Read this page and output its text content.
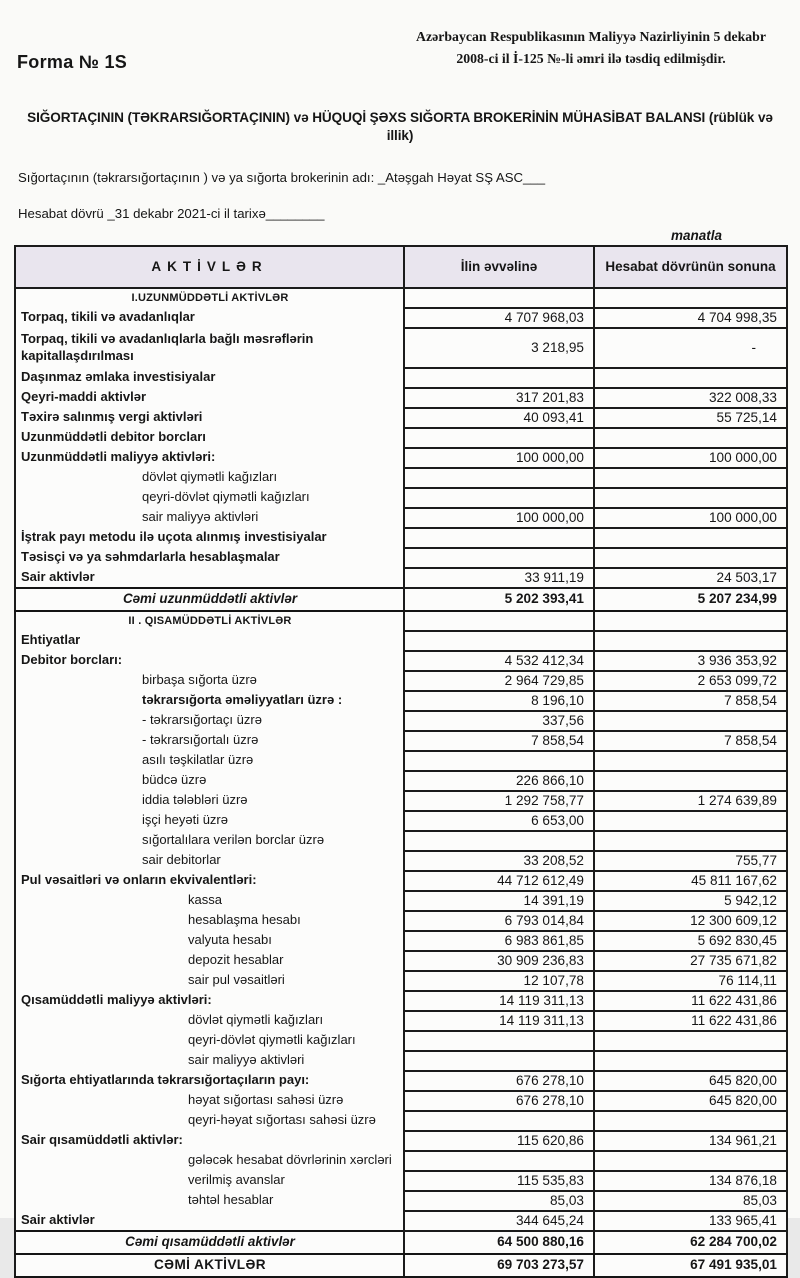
Forma № 1S
Azərbaycan Respublikasının Maliyyə Nazirliyinin 5 dekabr 2008-ci il İ-125 №-li əmri ilə təsdiq edilmişdir.
SIĞORTAÇININ (TƏKRARSIĞORTAÇININ) və HÜQUQİ ŞƏXS SIĞORTA BROKERİNİN MÜHASİBAT BALANSI (rüblük və illik)
Sığortaçının (təkrarsığortaçının ) və ya sığorta brokerinin adı: _Atəşgah Həyat SŞ ASC___
Hesabat dövrü _31 dekabr 2021-ci il tarixə________
manatla
AKTİVLƏR	İlin əvvəlinə	Hesabat dövrünün sonuna
I.UZUNMÜDDƏTLİ AKTİVLƏR		
Torpaq, tikili və avadanlıqlar	4 707 968,03	4 704 998,35
Torpaq, tikili və avadanlıqlarla bağlı məsrəflərin kapitallaşdırılması	3 218,95	-
Daşınmaz əmlaka investisiyalar		
Qeyri-maddi aktivlər	317 201,83	322 008,33
Təxirə salınmış vergi aktivləri	40 093,41	55 725,14
Uzunmüddətli debitor borcları		
Uzunmüddətli maliyyə aktivləri:	100 000,00	100 000,00
dövlət qiymətli kağızları		
qeyri-dövlət qiymətli kağızları		
sair maliyyə aktivləri	100 000,00	100 000,00
İştrak payı metodu ilə uçota alınmış investisiyalar		
Təsisçi və ya səhmdarlarla hesablaşmalar		
Sair aktivlər	33 911,19	24 503,17
Cəmi uzunmüddətli aktivlər	5 202 393,41	5 207 234,99
II . QISAMÜDDƏTLİ AKTİVLƏR		
Ehtiyatlar		
Debitor borcları:	4 532 412,34	3 936 353,92
birbaşa sığorta üzrə	2 964 729,85	2 653 099,72
təkrarsığorta əməliyyatları üzrə :	8 196,10	7 858,54
- təkrarsığortaçı üzrə	337,56	
- təkrarsığortalı üzrə	7 858,54	7 858,54
asılı təşkilatlar üzrə		
büdcə üzrə	226 866,10	
iddia tələbləri üzrə	1 292 758,77	1 274 639,89
işçi heyəti üzrə	6 653,00	
sığortalılara verilən borclar üzrə		
sair debitorlar	33 208,52	755,77
Pul vəsaitləri və onların ekvivalentləri:	44 712 612,49	45 811 167,62
kassa	14 391,19	5 942,12
hesablaşma hesabı	6 793 014,84	12 300 609,12
valyuta hesabı	6 983 861,85	5 692 830,45
depozit hesablar	30 909 236,83	27 735 671,82
sair pul vəsaitləri	12 107,78	76 114,11
Qısamüddətli maliyyə aktivləri:	14 119 311,13	11 622 431,86
dövlət qiymətli kağızları	14 119 311,13	11 622 431,86
qeyri-dövlət qiymətli kağızları		
sair maliyyə aktivləri		
Sığorta ehtiyatlarında təkrarsığortaçıların payı:	676 278,10	645 820,00
həyat sığortası sahəsi üzrə	676 278,10	645 820,00
qeyri-həyat sığortası sahəsi üzrə		
Sair qısamüddətli aktivlər:	115 620,86	134 961,21
gələcək hesabat dövrlərinin xərcləri		
verilmiş avanslar	115 535,83	134 876,18
təhtəl hesablar	85,03	85,03
Sair aktivlər	344 645,24	133 965,41
Cəmi qısamüddətli aktivlər	64 500 880,16	62 284 700,02
CƏMİ AKTİVLƏR	69 703 273,57	67 491 935,01
